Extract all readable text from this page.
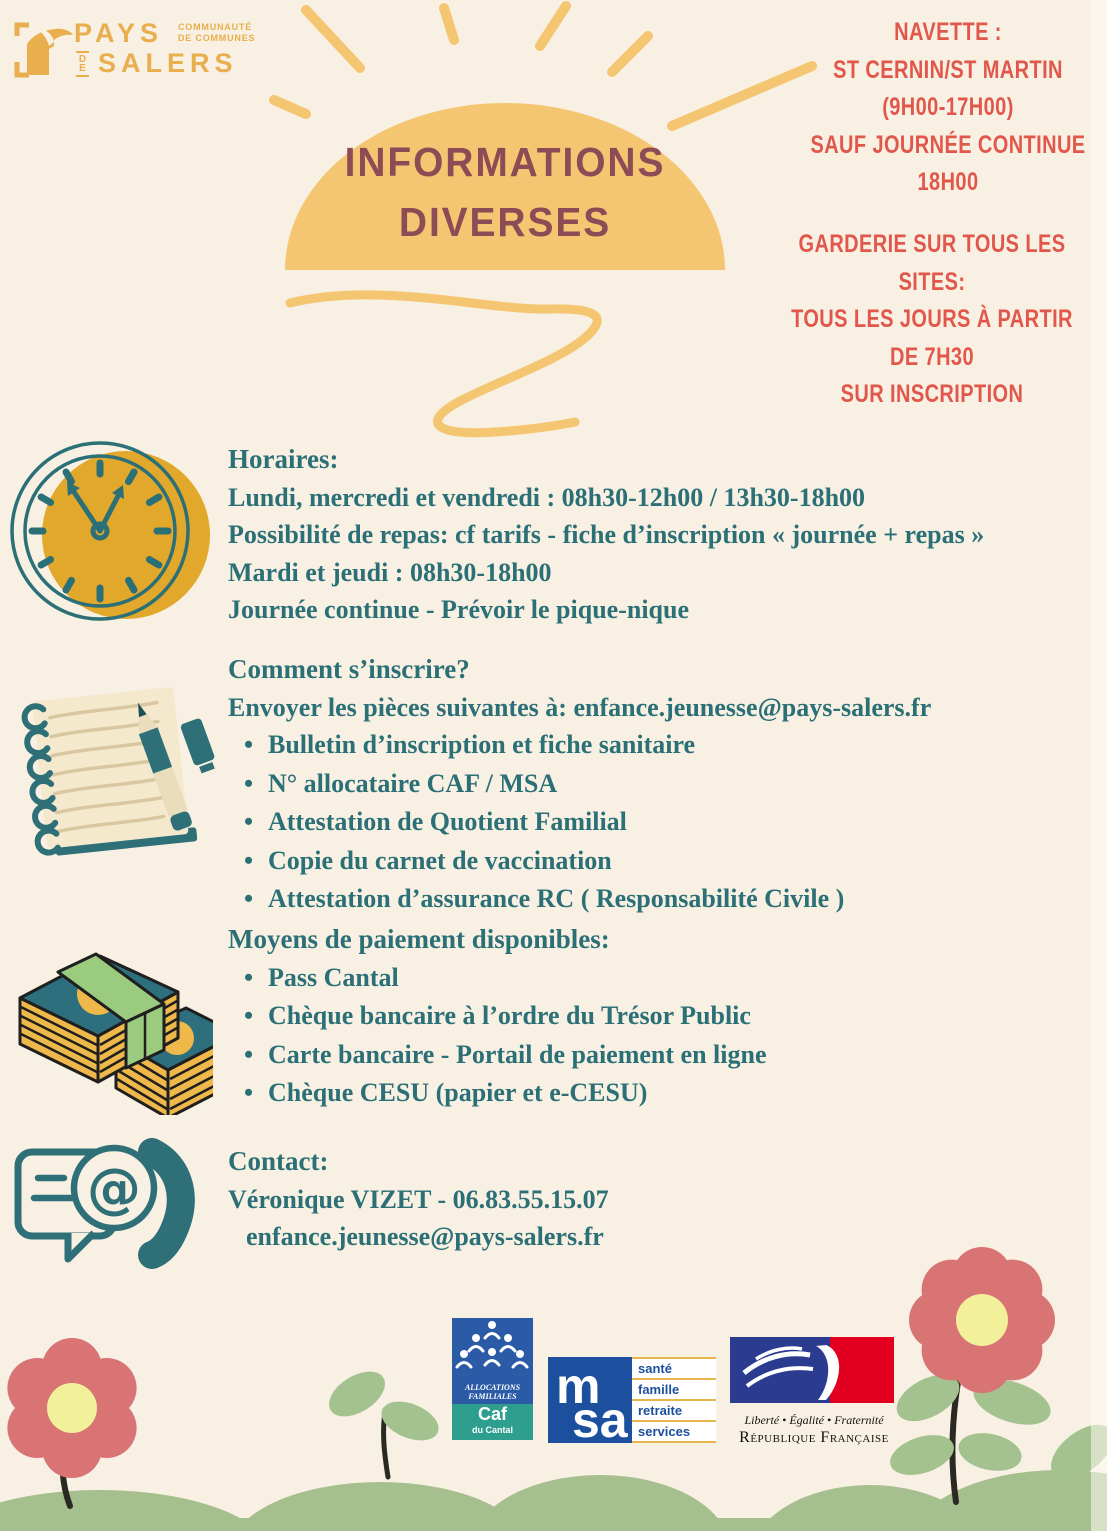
PAYS
DE SALERS
COMMUNAUTÉ
DE COMMUNES
INFORMATIONS
DIVERSES
NAVETTE :
ST CERNIN/ST MARTIN
(9H00-17H00)
SAUF JOURNÉE CONTINUE
18H00
GARDERIE SUR TOUS LES
SITES:
TOUS LES JOURS À PARTIR
DE 7H30
SUR INSCRIPTION
Horaires:
Lundi, mercredi et vendredi : 08h30-12h00 / 13h30-18h00
Possibilité de repas: cf tarifs - fiche d’inscription « journée + repas »
Mardi et jeudi : 08h30-18h00
Journée continue - Prévoir le pique-nique
Comment s’inscrire?
Envoyer les pièces suivantes à: enfance.jeunesse@pays-salers.fr
• Bulletin d’inscription et fiche sanitaire
• N° allocataire CAF / MSA
• Attestation de Quotient Familial
• Copie du carnet de vaccination
• Attestation d’assurance RC ( Responsabilité Civile )
Moyens de paiement disponibles:
• Pass Cantal
• Chèque bancaire à l’ordre du Trésor Public
• Carte bancaire - Portail de paiement en ligne
• Chèque CESU (papier et e-CESU)
@	Contact:
Véronique VIZET - 06.83.55.15.07
enfance.jeunesse@pays-salers.fr
ALLOCATIONS
FAMILIALES
Caf
du Cantal
m
sa
santé
famille
retraite
services
Liberté • Égalité • Fraternité
République Française
